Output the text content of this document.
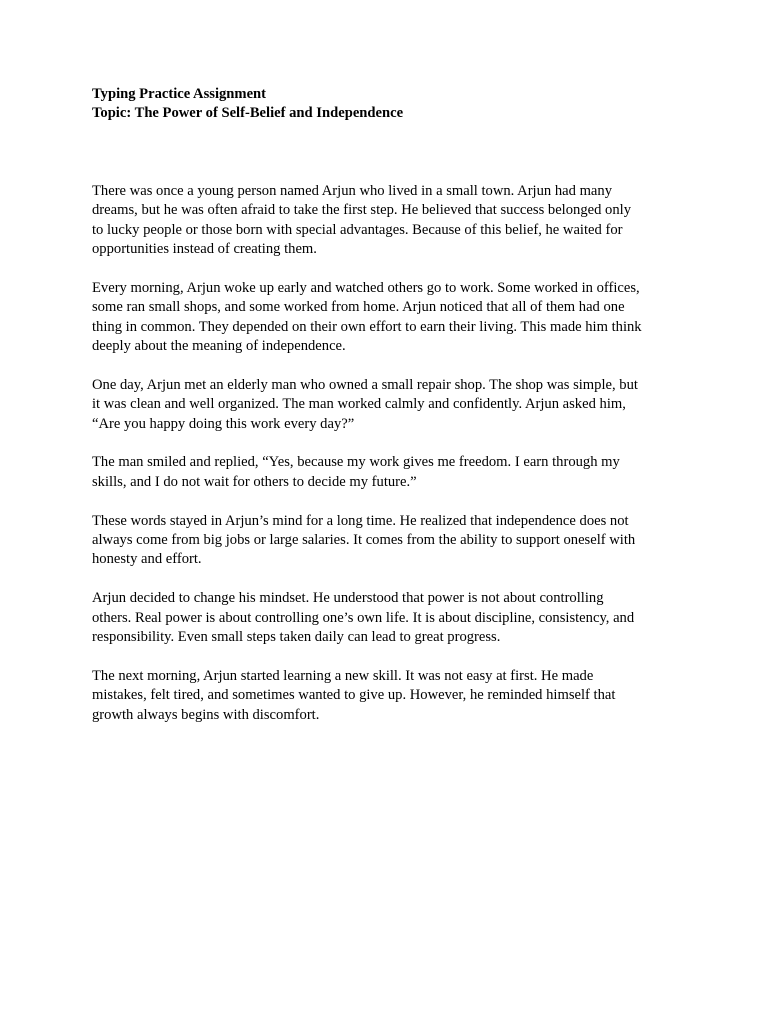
Typing Practice Assignment
Topic: The Power of Self-Belief and Independence
There was once a young person named Arjun who lived in a small town. Arjun had many
dreams, but he was often afraid to take the first step. He believed that success belonged only
to lucky people or those born with special advantages. Because of this belief, he waited for
opportunities instead of creating them.
Every morning, Arjun woke up early and watched others go to work. Some worked in offices,
some ran small shops, and some worked from home. Arjun noticed that all of them had one
thing in common. They depended on their own effort to earn their living. This made him think
deeply about the meaning of independence.
One day, Arjun met an elderly man who owned a small repair shop. The shop was simple, but
it was clean and well organized. The man worked calmly and confidently. Arjun asked him,
“Are you happy doing this work every day?”
The man smiled and replied, “Yes, because my work gives me freedom. I earn through my
skills, and I do not wait for others to decide my future.”
These words stayed in Arjun’s mind for a long time. He realized that independence does not
always come from big jobs or large salaries. It comes from the ability to support oneself with
honesty and effort.
Arjun decided to change his mindset. He understood that power is not about controlling
others. Real power is about controlling one’s own life. It is about discipline, consistency, and
responsibility. Even small steps taken daily can lead to great progress.
The next morning, Arjun started learning a new skill. It was not easy at first. He made
mistakes, felt tired, and sometimes wanted to give up. However, he reminded himself that
growth always begins with discomfort.
